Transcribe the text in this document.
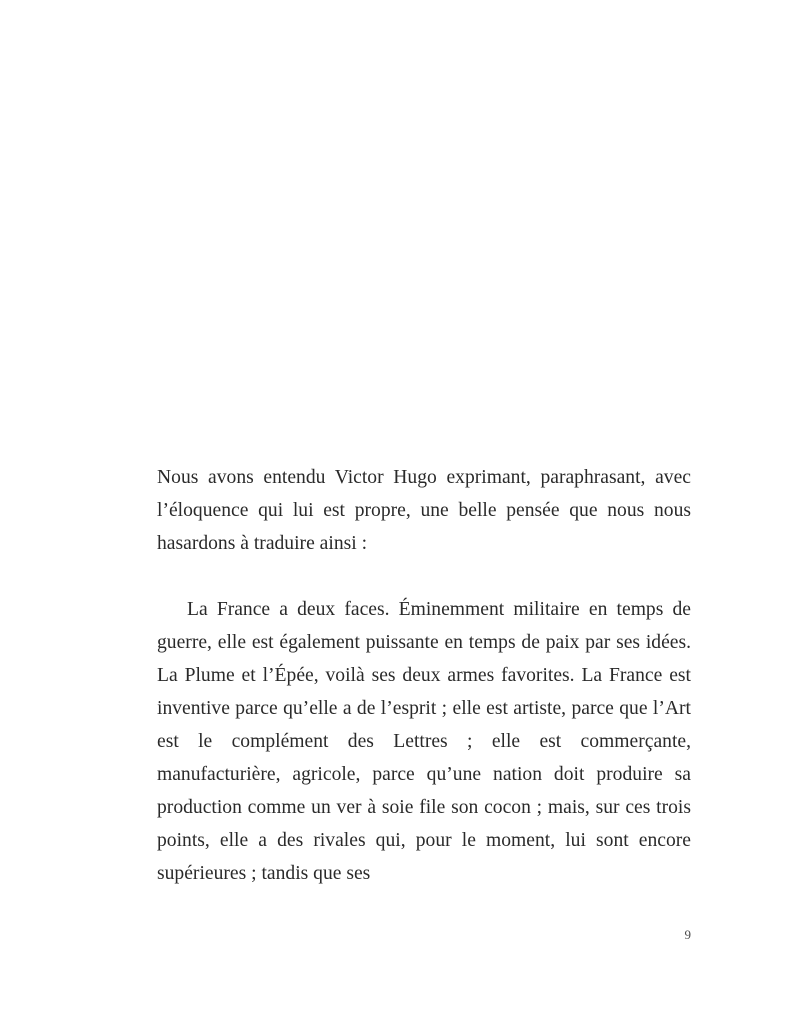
Nous avons entendu Victor Hugo exprimant, paraphrasant, avec l’éloquence qui lui est propre, une belle pensée que nous nous hasardons à traduire ainsi :

La France a deux faces. Éminemment militaire en temps de guerre, elle est également puissante en temps de paix par ses idées. La Plume et l’Épée, voilà ses deux armes favorites. La France est inventive parce qu’elle a de l’esprit ; elle est artiste, parce que l’Art est le complément des Lettres ; elle est commerçante, manufacturière, agricole, parce qu’une nation doit produire sa production comme un ver à soie file son cocon ; mais, sur ces trois points, elle a des rivales qui, pour le moment, lui sont encore supérieures ; tandis que ses

9
